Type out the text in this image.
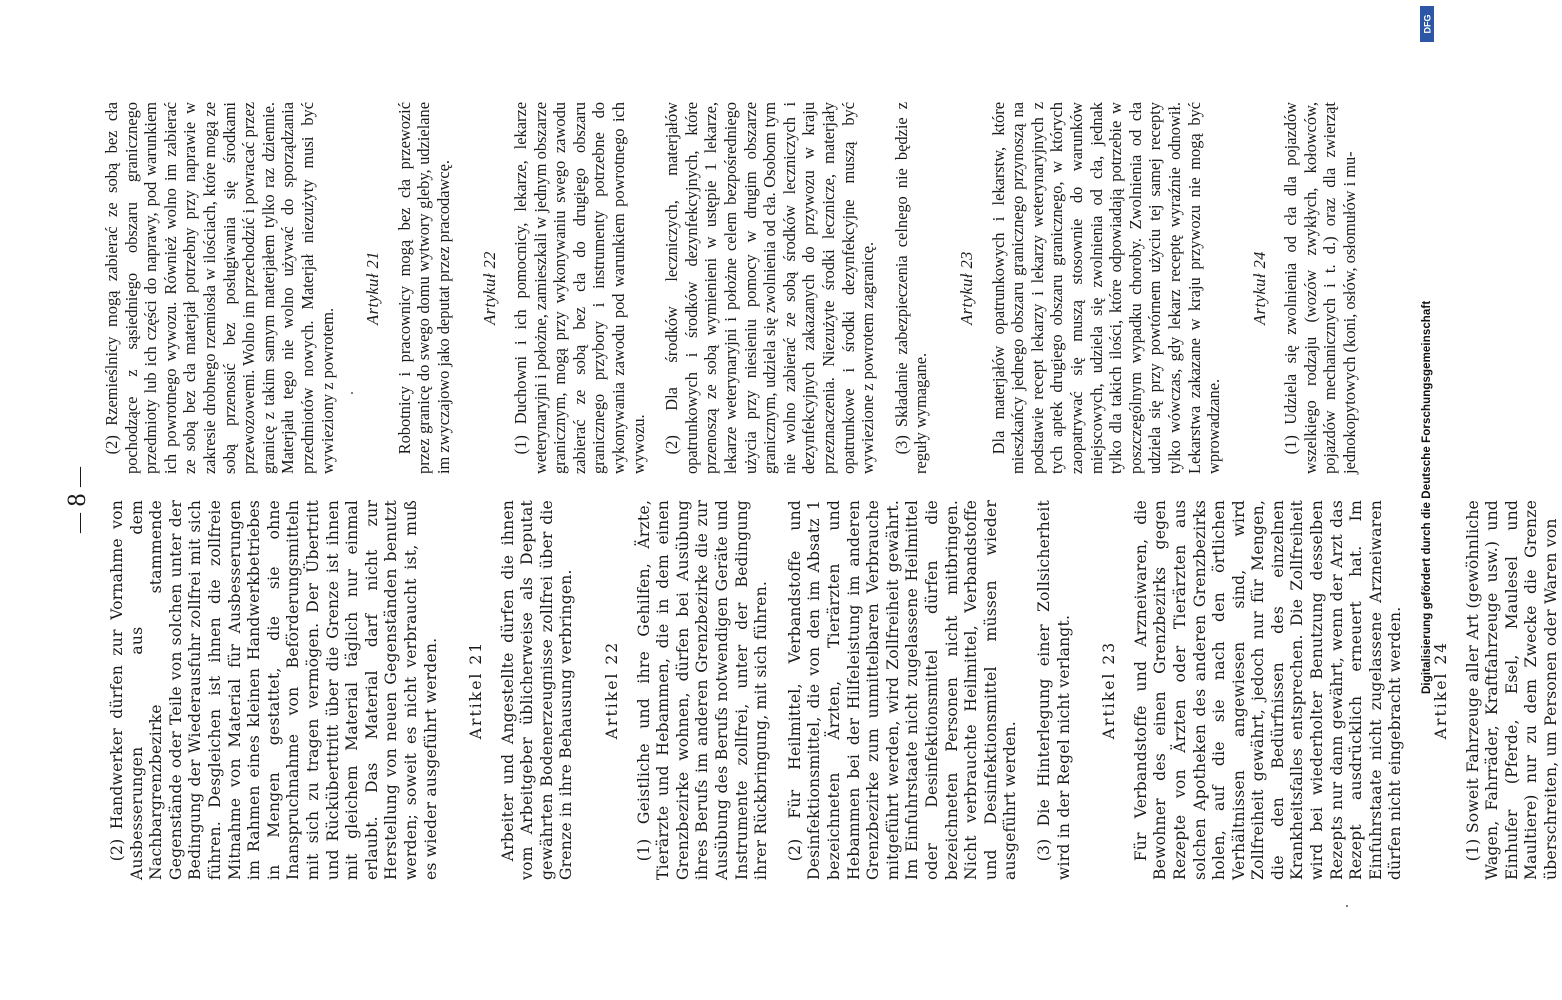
(2) Handwerker dürfen zur Vornahme von Ausbesserungen aus dem Nachbargrenzbezirke stammende Gegenstände oder Teile von solchen unter der Bedingung der Wiederausfuhr zollfrei mit sich führen. Desgleichen ist ihnen die zollfreie Mitnahme von Material für Ausbesserungen im Rahmen eines kleinen Handwerkbetriebes in Mengen gestattet, die sie ohne Inanspruchnahme von Beförderungsmitteln mit sich zu tragen vermögen. Der Übertritt und Rücküberttritt über die Grenze ist ihnen mit gleichem Material täglich nur einmal erlaubt. Das Material darf nicht zur Herstellung von neuen Gegenständen benutzt werden; soweit es nicht verbraucht ist, muß es wieder ausgeführt werden. Artikel 21 Arbeiter und Angestellte dürfen die ihnen vom Arbeitgeber üblicherweise als Deputat gewährten Bodenerzeugnisse zollfrei über die Grenze in ihre Behausung verbringen. Artikel 22 (1) Geistliche und ihre Gehilfen, Ärzte, Tierärzte und Hebammen, die in dem einen Grenzbezirke wohnen, dürfen bei Ausübung ihres Berufs im anderen Grenzbezirke die zur Ausübung des Berufs notwendigen Geräte und Instrumente zollfrei, unter der Bedingung ihrer Rückbringung, mit sich führen. (2) Für Heilmittel, Verbandstoffe und Desinfektionsmittel, die von den im Absatz 1 bezeichneten Ärzten, Tierärzten und Hebammen bei der Hilfeleistung im anderen Grenzbezirke zum unmittelbaren Verbrauche mitgeführt werden, wird Zollfreiheit gewährt. Im Einfuhrstaate nicht zugelassene Heilmittel oder Desinfektionsmittel dürfen die bezeichneten Personen nicht mitbringen. Nicht verbrauchte Heilmittel, Verbandstoffe und Desinfektionsmittel müssen wieder ausgeführt werden. (3) Die Hinterlegung einer Zollsicherheit wird in der Regel nicht verlangt. Artikel 23 Für Verbandstoffe und Arzneiwaren, die Bewohner des einen Grenzbezirks gegen Rezepte von Ärzten oder Tierärzten aus solchen Apotheken des anderen Grenzbezirks holen, auf die sie nach den örtlichen Verhältnissen angewiesen sind, wird Zollfreiheit gewährt, jedoch nur für Mengen, die den Bedürfnissen des einzelnen Krankheitsfalles entsprechen. Die Zollfreiheit wird bei wiederholter Benutzung desselben Rezepts nur dann gewährt, wenn der Arzt das Rezept ausdrücklich erneuert hat. Im Einfuhrstaate nicht zugelassene Arzneiwaren dürfen nicht eingebracht werden. Artikel 24 (1) Soweit Fahrzeuge aller Art (gewöhnliche Wagen, Fahrräder, Kraftfahrzeuge usw.) und Einhufer (Pferde, Esel, Maulesel und Maultiere) nur zu dem Zwecke die Grenze überschreiten, um Personen oder Waren von

— 8 —

(2) Rzemieślnicy mogą zabierać ze sobą bez cła pochodzące z sąsiedniego obszaru granicznego przedmioty lub ich części do naprawy, pod warunkiem ich powrotnego wywozu. Również wolno im zabierać ze sobą bez cła materjał potrzebny przy naprawie w zakresie drobnego rzemiosła w ilościach, które mogą ze sobą przenosić bez posługiwania się środkami przewozowemi. Wolno im przechodzić i powracać przez granicę z takim samym materjałem tylko raz dziennie. Materjału tego nie wolno używać do sporządzania przedmiotów nowych. Materjał niezużyty musi być wywieziony z powrotem.

Artykuł 21 Robotnicy i pracownicy mogą bez cła przewozić przez granicę do swego domu wytwory gleby, udzielane im zwyczajowo jako deputat przez pracodawcę. Artykuł 22 (1) Duchowni i ich pomocnicy, lekarze, lekarze weterynaryjni i położne, zamieszkali w jednym obszarze granicznym, mogą przy wykonywaniu swego zawodu zabierać ze sobą bez cła do drugiego obszaru granicznego przybory i instrumenty potrzebne do wykonywania zawodu pod warunkiem powrotnego ich wywozu. (2) Dla środków leczniczych, materjałów opatrunkowych i środków dezynfekcyjnych, które przenoszą ze sobą wymienieni w ustępie 1 lekarze, lekarze weterynaryjni i położne celem bezpośredniego użycia przy niesieniu pomocy w drugim obszarze granicznym, udziela się zwolnienia od cła. Osobom tym nie wolno zabierać ze sobą środków leczniczych i dezynfekcyjnych zakazanych do przywozu w kraju przeznaczenia. Niezużyte środki lecznicze, materjały opatrunkowe i środki dezynfekcyjne muszą być wywiezione z powrotem zagranicę. (3) Składanie zabezpieczenia celnego nie będzie z reguły wymagane.

Artykuł 23 Dla materjałów opatrunkowych i lekarstw, które mieszkańcy jednego obszaru granicznego przynoszą na podstawie recept lekarzy i lekarzy weterynaryjnych z tych aptek drugiego obszaru granicznego, w których zaopatrywać się muszą stosownie do warunków miejscowych, udziela się zwolnienia od cła, jednak tylko dla takich ilości, które odpowiadają potrzebie w poszczególnym wypadku choroby. Zwolnienia od cła udziela się przy powtórnem użyciu tej samej recepty tylko wówczas, gdy lekarz receptę wyraźnie odnowił. Lekarstwa zakazane w kraju przywozu nie mogą być wprowadzane.

Artykuł 24 (1) Udziela się zwolnienia od cła dla pojazdów wszelkiego rodzaju (wozów zwykłych, kołowców, pojazdów mechanicznych i t. d.) oraz dla zwierząt jednokopytowych (koni, osłów, osłomułów i mu-	Digitalisierung gefördert durch die Deutsche Forschungsgemeinschaft
DFG
